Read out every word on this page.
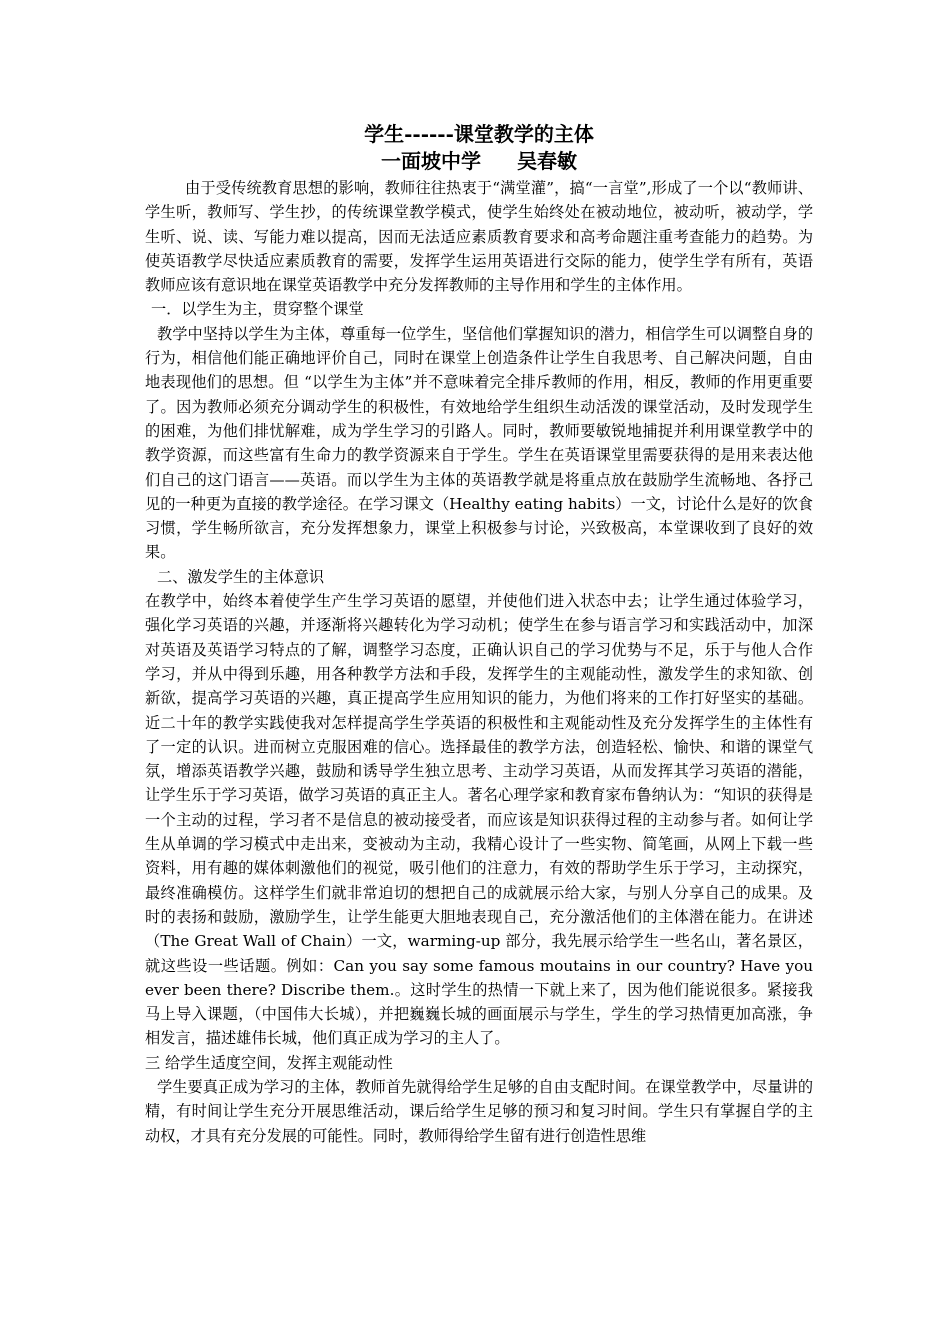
学生------课堂教学的主体
一面坡中学 吴春敏

由于受传统教育思想的影响，教师往往热衷于“满堂灌”，搞“一言堂”,形成了一个以“教师讲、学生听，教师写、学生抄，的传统课堂教学模式，使学生始终处在被动地位，被动听，被动学，学生听、说、读、写能力难以提高，因而无法适应素质教育要求和高考命题注重考查能力的趋势。为使英语教学尽快适应素质教育的需要，发挥学生运用英语进行交际的能力，使学生学有所有，英语教师应该有意识地在课堂英语教学中充分发挥教师的主导作用和学生的主体作用。

一．以学生为主，贯穿整个课堂

教学中坚持以学生为主体，尊重每一位学生，坚信他们掌握知识的潜力，相信学生可以调整自身的行为，相信他们能正确地评价自己，同时在课堂上创造条件让学生自我思考、自己解决问题，自由地表现他们的思想。但 “以学生为主体”并不意味着完全排斥教师的作用，相反，教师的作用更重要了。因为教师必须充分调动学生的积极性，有效地给学生组织生动活泼的课堂活动，及时发现学生的困难，为他们排忧解难，成为学生学习的引路人。同时，教师要敏锐地捕捉并利用课堂教学中的教学资源，而这些富有生命力的教学资源来自于学生。学生在英语课堂里需要获得的是用来表达他们自己的这门语言——英语。而以学生为主体的英语教学就是将重点放在鼓励学生流畅地、各抒己见的一种更为直接的教学途径。在学习课文（Healthy eating habits）一文，讨论什么是好的饮食习惯，学生畅所欲言，充分发挥想象力，课堂上积极参与讨论，兴致极高，本堂课收到了良好的效果。

二、激发学生的主体意识

在教学中，始终本着使学生产生学习英语的愿望，并使他们进入状态中去；让学生通过体验学习，强化学习英语的兴趣，并逐渐将兴趣转化为学习动机；使学生在参与语言学习和实践活动中，加深对英语及英语学习特点的了解，调整学习态度，正确认识自己的学习优势与不足，乐于与他人合作学习，并从中得到乐趣，用各种教学方法和手段，发挥学生的主观能动性，激发学生的求知欲、创新欲，提高学习英语的兴趣，真正提高学生应用知识的能力，为他们将来的工作打好坚实的基础。近二十年的教学实践使我对怎样提高学生学英语的积极性和主观能动性及充分发挥学生的主体性有了一定的认识。进而树立克服困难的信心。选择最佳的教学方法，创造轻松、愉快、和谐的课堂气氛，增添英语教学兴趣，鼓励和诱导学生独立思考、主动学习英语，从而发挥其学习英语的潜能，让学生乐于学习英语，做学习英语的真正主人。著名心理学家和教育家布鲁纳认为：“知识的获得是一个主动的过程，学习者不是信息的被动接受者，而应该是知识获得过程的主动参与者。如何让学生从单调的学习模式中走出来，变被动为主动，我精心设计了一些实物、简笔画，从网上下载一些资料，用有趣的媒体刺激他们的视觉，吸引他们的注意力，有效的帮助学生乐于学习，主动探究，最终准确模仿。这样学生们就非常迫切的想把自己的成就展示给大家，与别人分享自己的成果。及时的表扬和鼓励，激励学生，让学生能更大胆地表现自己，充分激活他们的主体潜在能力。在讲述（The Great Wall of Chain）一文，warming-up 部分，我先展示给学生一些名山，著名景区，就这些设一些话题。例如：Can you say some famous moutains in our country? Have you ever been there? Discribe them.。这时学生的热情一下就上来了，因为他们能说很多。紧接我马上导入课题，（中国伟大长城），并把巍巍长城的画面展示与学生，学生的学习热情更加高涨，争相发言，描述雄伟长城，他们真正成为学习的主人了。

三 给学生适度空间，发挥主观能动性

学生要真正成为学习的主体，教师首先就得给学生足够的自由支配时间。在课堂教学中，尽量讲的精，有时间让学生充分开展思维活动，课后给学生足够的预习和复习时间。学生只有掌握自学的主动权，才具有充分发展的可能性。同时，教师得给学生留有进行创造性思维
